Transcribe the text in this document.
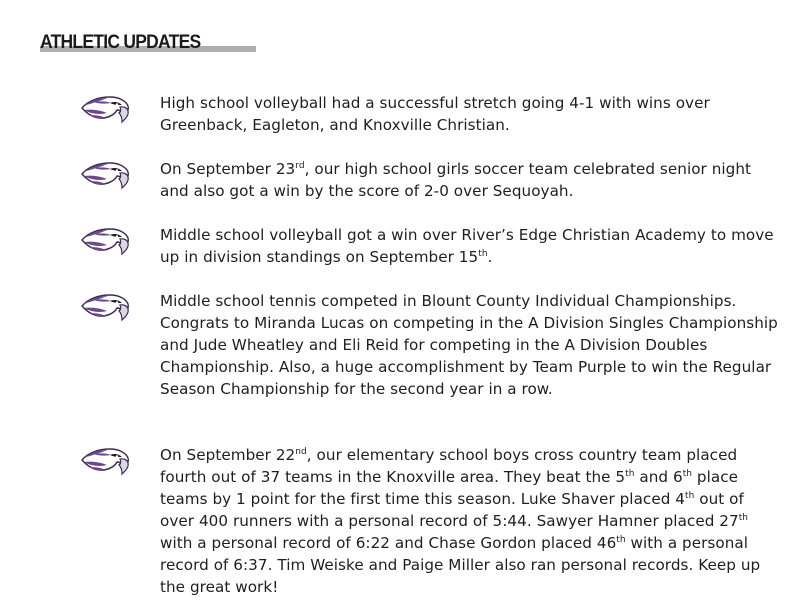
ATHLETIC UPDATES

High school volleyball had a successful stretch going 4-1 with wins over Greenback, Eagleton, and Knoxville Christian.

On September 23rd, our high school girls soccer team celebrated senior night and also got a win by the score of 2-0 over Sequoyah.

Middle school volleyball got a win over River’s Edge Christian Academy to move up in division standings on September 15th.

Middle school tennis competed in Blount County Individual Championships. Congrats to Miranda Lucas on competing in the A Division Singles Championship and Jude Wheatley and Eli Reid for competing in the A Division Doubles Championship. Also, a huge accomplishment by Team Purple to win the Regular Season Championship for the second year in a row.

On September 22nd, our elementary school boys cross country team placed fourth out of 37 teams in the Knoxville area. They beat the 5th and 6th place teams by 1 point for the first time this season. Luke Shaver placed 4th out of over 400 runners with a personal record of 5:44. Sawyer Hamner placed 27th with a personal record of 6:22 and Chase Gordon placed 46th with a personal record of 6:37. Tim Weiske and Paige Miller also ran personal records. Keep up the great work!
